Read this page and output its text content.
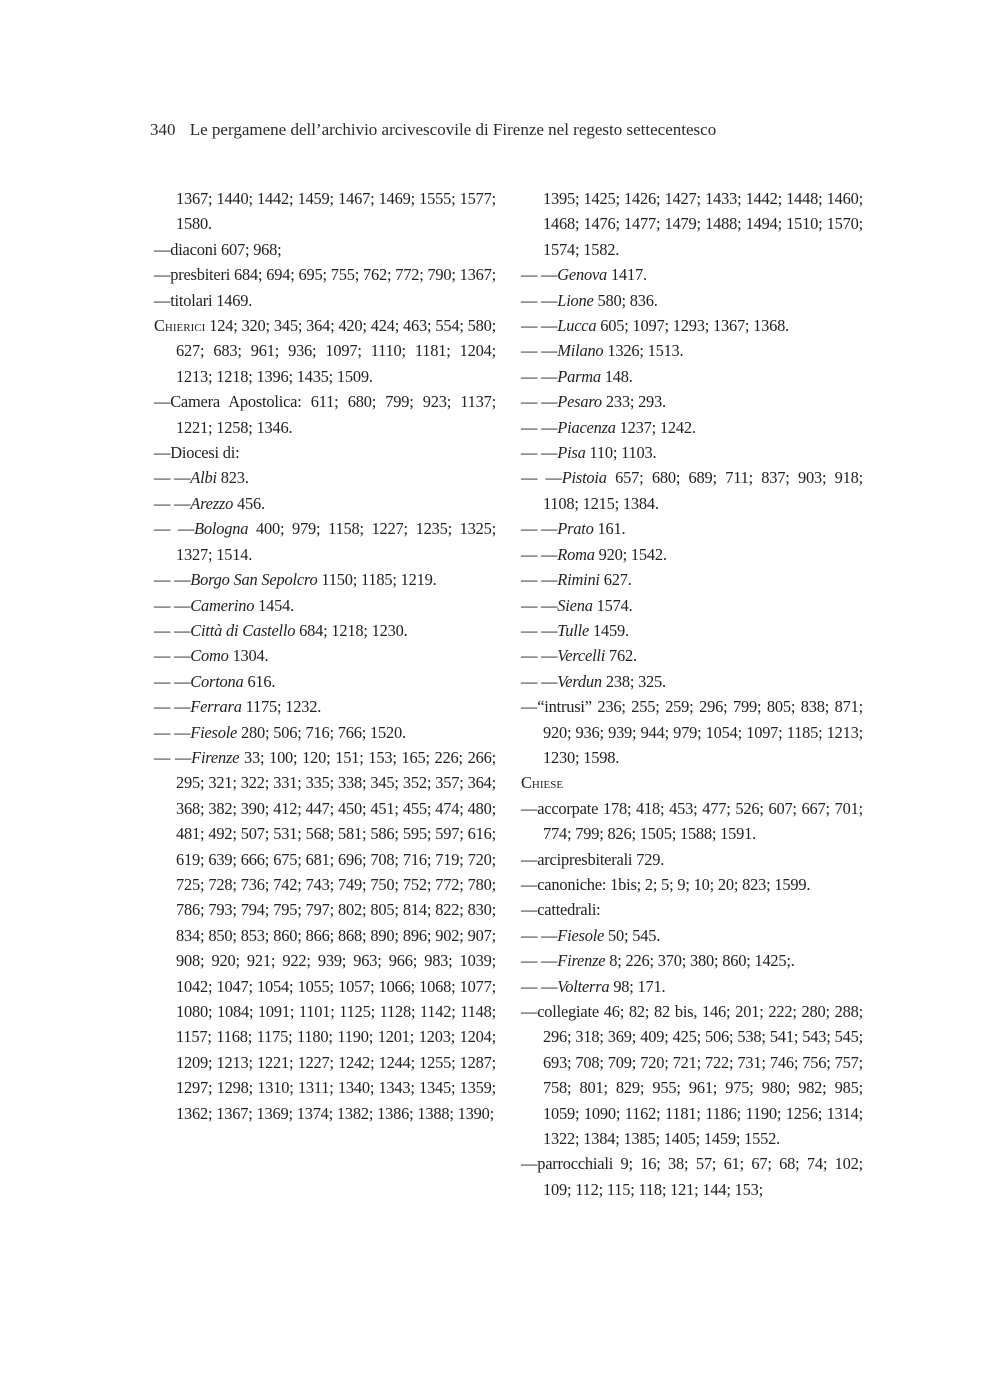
340 Le pergamene dell’archivio arcivescovile di Firenze nel regesto settecentesco

1367; 1440; 1442; 1459; 1467; 1469; 1555; 1577; 1580.

—diaconi 607; 968;

—presbiteri 684; 694; 695; 755; 762; 772; 790; 1367;

—titolari 1469.

Chierici 124; 320; 345; 364; 420; 424; 463; 554; 580; 627; 683; 961; 936; 1097; 1110; 1181; 1204; 1213; 1218; 1396; 1435; 1509.

—Camera Apostolica: 611; 680; 799; 923; 1137; 1221; 1258; 1346.

—Diocesi di:

— —Albi 823.

— —Arezzo 456.

— —Bologna 400; 979; 1158; 1227; 1235; 1325; 1327; 1514.

— —Borgo San Sepolcro 1150; 1185; 1219.

— —Camerino 1454.

— —Città di Castello 684; 1218; 1230.

— —Como 1304.

— —Cortona 616.

— —Ferrara 1175; 1232.

— —Fiesole 280; 506; 716; 766; 1520.

— —Firenze 33; 100; 120; 151; 153; 165; 226; 266; 295; 321; 322; 331; 335; 338; 345; 352; 357; 364; 368; 382; 390; 412; 447; 450; 451; 455; 474; 480; 481; 492; 507; 531; 568; 581; 586; 595; 597; 616; 619; 639; 666; 675; 681; 696; 708; 716; 719; 720; 725; 728; 736; 742; 743; 749; 750; 752; 772; 780; 786; 793; 794; 795; 797; 802; 805; 814; 822; 830; 834; 850; 853; 860; 866; 868; 890; 896; 902; 907; 908; 920; 921; 922; 939; 963; 966; 983; 1039; 1042; 1047; 1054; 1055; 1057; 1066; 1068; 1077; 1080; 1084; 1091; 1101; 1125; 1128; 1142; 1148; 1157; 1168; 1175; 1180; 1190; 1201; 1203; 1204; 1209; 1213; 1221; 1227; 1242; 1244; 1255; 1287; 1297; 1298; 1310; 1311; 1340; 1343; 1345; 1359; 1362; 1367; 1369; 1374; 1382; 1386; 1388; 1390;

1395; 1425; 1426; 1427; 1433; 1442; 1448; 1460; 1468; 1476; 1477; 1479; 1488; 1494; 1510; 1570; 1574; 1582.

— —Genova 1417.

— —Lione 580; 836.

— —Lucca 605; 1097; 1293; 1367; 1368.

— —Milano 1326; 1513.

— —Parma 148.

— —Pesaro 233; 293.

— —Piacenza 1237; 1242.

— —Pisa 110; 1103.

— —Pistoia 657; 680; 689; 711; 837; 903; 918; 1108; 1215; 1384.

— —Prato 161.

— —Roma 920; 1542.

— —Rimini 627.

— —Siena 1574.

— —Tulle 1459.

— —Vercelli 762.

— —Verdun 238; 325.

—“intrusi” 236; 255; 259; 296; 799; 805; 838; 871; 920; 936; 939; 944; 979; 1054; 1097; 1185; 1213; 1230; 1598.

Chiese

—accorpate 178; 418; 453; 477; 526; 607; 667; 701; 774; 799; 826; 1505; 1588; 1591.

—arcipresbiterali 729.

—canoniche: 1bis; 2; 5; 9; 10; 20; 823; 1599.

—cattedrali:

— —Fiesole 50; 545.

— —Firenze 8; 226; 370; 380; 860; 1425;.

— —Volterra 98; 171.

—collegiate 46; 82; 82 bis, 146; 201; 222; 280; 288; 296; 318; 369; 409; 425; 506; 538; 541; 543; 545; 693; 708; 709; 720; 721; 722; 731; 746; 756; 757; 758; 801; 829; 955; 961; 975; 980; 982; 985; 1059; 1090; 1162; 1181; 1186; 1190; 1256; 1314; 1322; 1384; 1385; 1405; 1459; 1552.

—parrocchiali 9; 16; 38; 57; 61; 67; 68; 74; 102; 109; 112; 115; 118; 121; 144; 153;
